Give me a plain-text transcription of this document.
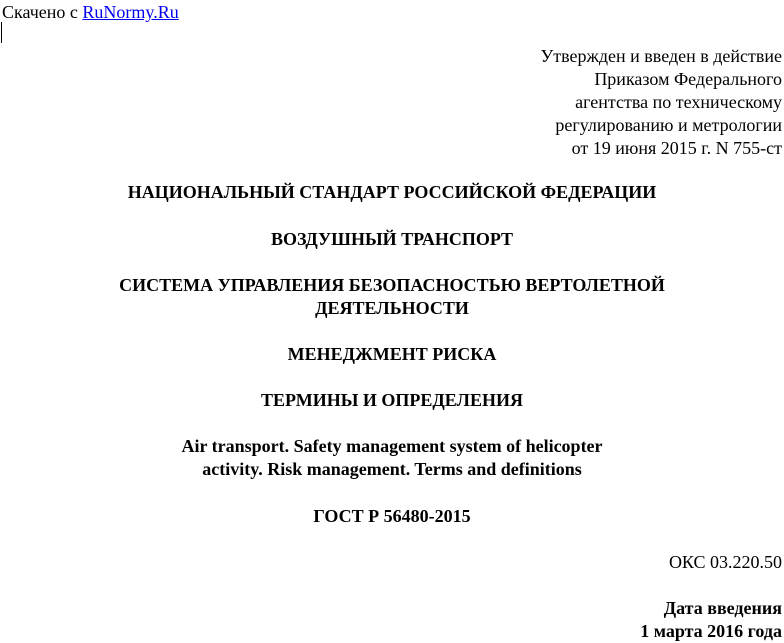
Скачено с RuNormy.Ru
Утвержден и введен в действие
Приказом Федерального
агентства по техническому
регулированию и метрологии
от 19 июня 2015 г. N 755-ст
НАЦИОНАЛЬНЫЙ СТАНДАРТ РОССИЙСКОЙ ФЕДЕРАЦИИ
ВОЗДУШНЫЙ ТРАНСПОРТ
СИСТЕМА УПРАВЛЕНИЯ БЕЗОПАСНОСТЬЮ ВЕРТОЛЕТНОЙ
ДЕЯТЕЛЬНОСТИ
МЕНЕДЖМЕНТ РИСКА
ТЕРМИНЫ И ОПРЕДЕЛЕНИЯ
Air transport. Safety management system of helicopter
activity. Risk management. Terms and definitions
ГОСТ Р 56480-2015
ОКС 03.220.50
Дата введения
1 марта 2016 года
